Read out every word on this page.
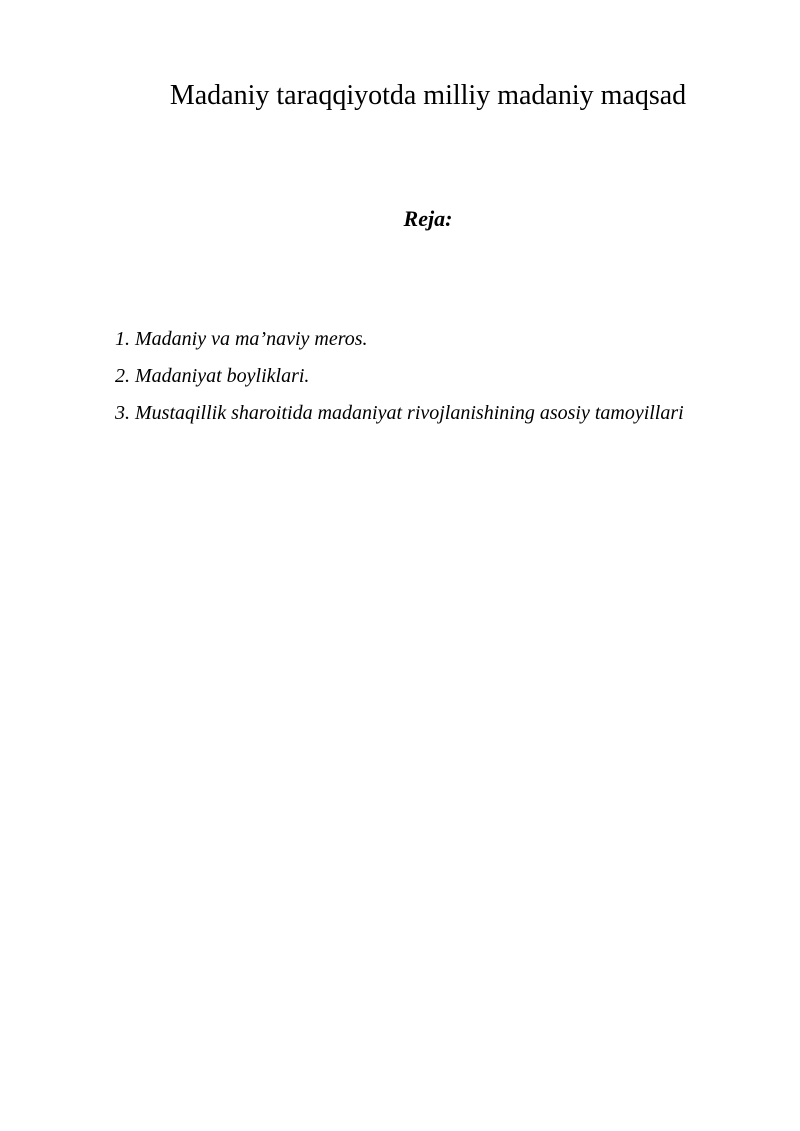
Madaniy taraqqiyotda milliy madaniy maqsad
Reja:
1. Madaniy va ma’naviy meros.
2. Madaniyat boyliklari.
3. Mustaqillik sharoitida madaniyat rivojlanishining asosiy tamoyillari
